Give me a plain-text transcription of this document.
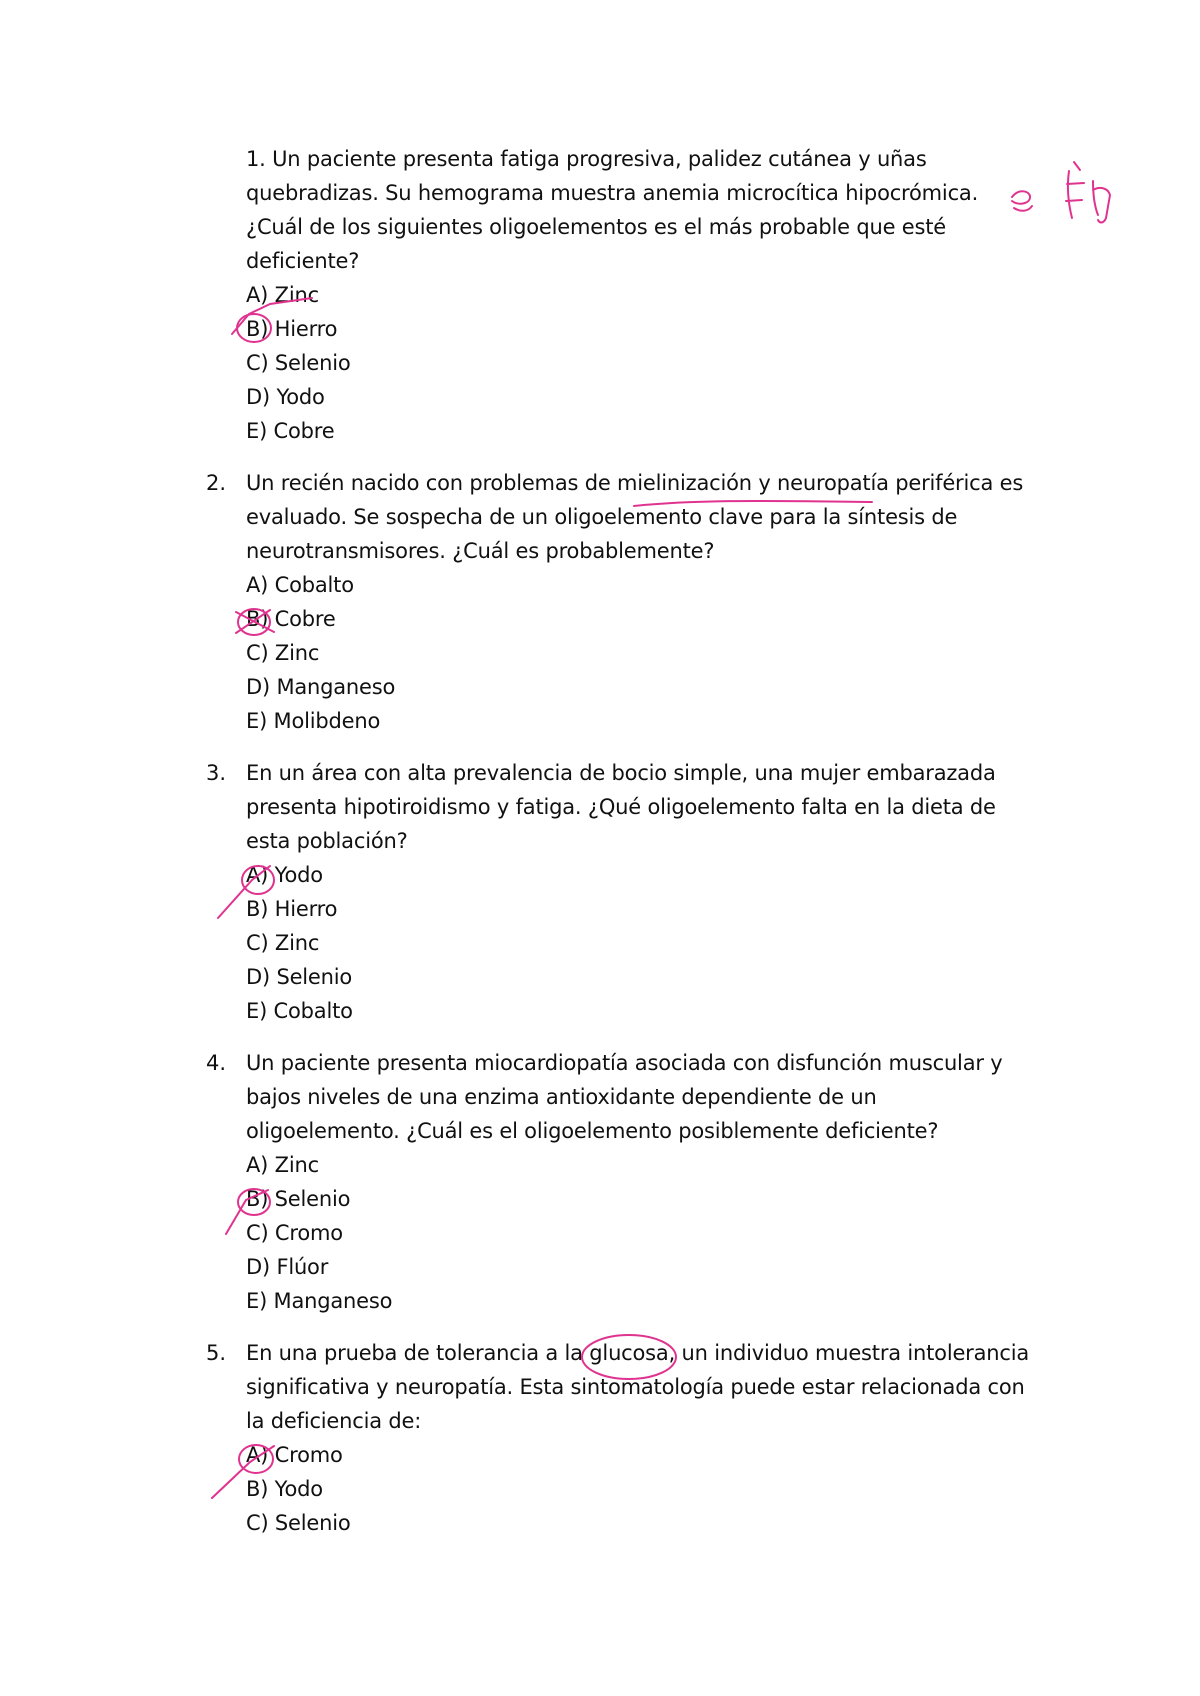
1. Un paciente presenta fatiga progresiva, palidez cutánea y uñas
quebradizas. Su hemograma muestra anemia microcítica hipocrómica.
¿Cuál de los siguientes oligoelementos es el más probable que esté
deficiente?
A) Zinc
B) Hierro
C) Selenio
D) Yodo
E) Cobre
2. Un recién nacido con problemas de mielinización y neuropatía periférica es
evaluado. Se sospecha de un oligoelemento clave para la síntesis de
neurotransmisores. ¿Cuál es probablemente?
A) Cobalto
B) Cobre
C) Zinc
D) Manganeso
E) Molibdeno
3. En un área con alta prevalencia de bocio simple, una mujer embarazada
presenta hipotiroidismo y fatiga. ¿Qué oligoelemento falta en la dieta de
esta población?
A) Yodo
B) Hierro
C) Zinc
D) Selenio
E) Cobalto
4. Un paciente presenta miocardiopatía asociada con disfunción muscular y
bajos niveles de una enzima antioxidante dependiente de un
oligoelemento. ¿Cuál es el oligoelemento posiblemente deficiente?
A) Zinc
B) Selenio
C) Cromo
D) Flúor
E) Manganeso
5. En una prueba de tolerancia a la glucosa, un individuo muestra intolerancia
significativa y neuropatía. Esta sintomatología puede estar relacionada con
la deficiencia de:
A) Cromo
B) Yodo
C) Selenio
